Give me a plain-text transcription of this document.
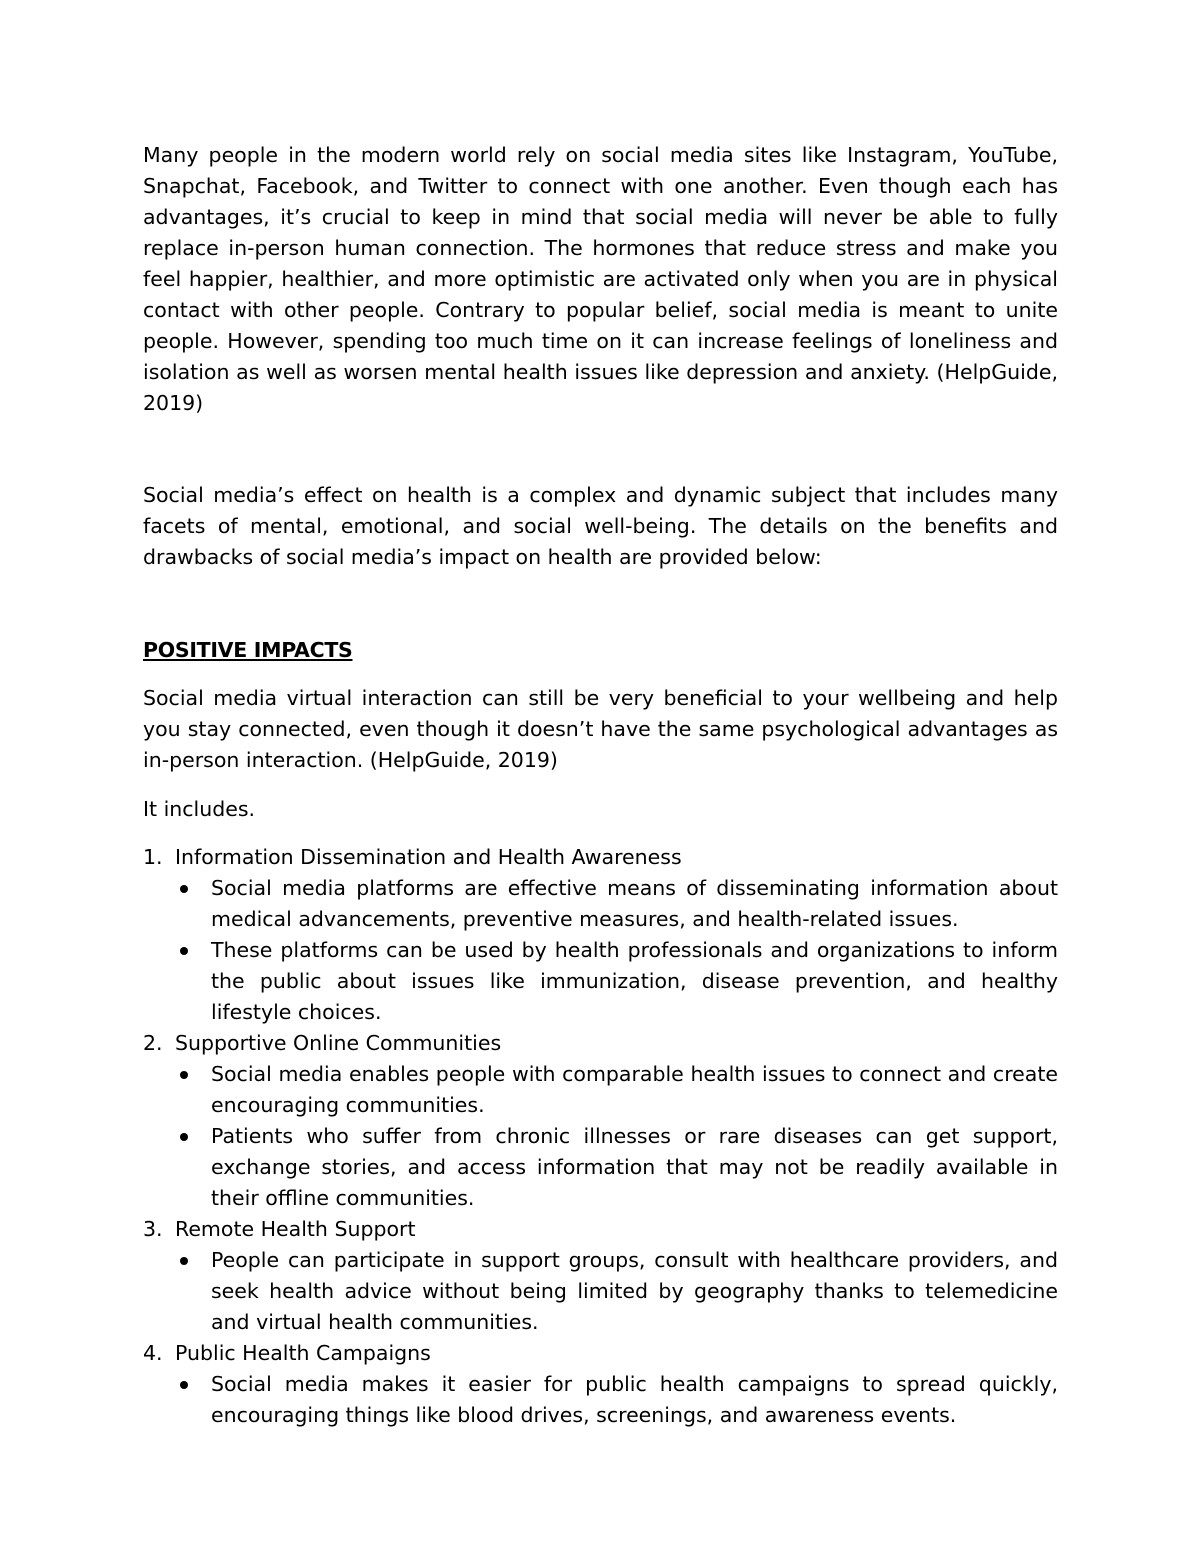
Many people in the modern world rely on social media sites like Instagram, YouTube, Snapchat, Facebook, and Twitter to connect with one another. Even though each has advantages, it’s crucial to keep in mind that social media will never be able to fully replace in-person human connection. The hormones that reduce stress and make you feel happier, healthier, and more optimistic are activated only when you are in physical contact with other people. Contrary to popular belief, social media is meant to unite people. However, spending too much time on it can increase feelings of loneliness and isolation as well as worsen mental health issues like depression and anxiety. (HelpGuide, 2019)

Social media’s effect on health is a complex and dynamic subject that includes many facets of mental, emotional, and social well-being. The details on the benefits and drawbacks of social media’s impact on health are provided below:

POSITIVE IMPACTS

Social media virtual interaction can still be very beneficial to your wellbeing and help you stay connected, even though it doesn’t have the same psychological advantages as in-person interaction. (HelpGuide, 2019)

It includes.

1. Information Dissemination and Health Awareness
Social media platforms are effective means of disseminating information about medical advancements, preventive measures, and health-related issues.
These platforms can be used by health professionals and organizations to inform the public about issues like immunization, disease prevention, and healthy lifestyle choices.
2. Supportive Online Communities
Social media enables people with comparable health issues to connect and create encouraging communities.
Patients who suffer from chronic illnesses or rare diseases can get support, exchange stories, and access information that may not be readily available in their offline communities.
3. Remote Health Support
People can participate in support groups, consult with healthcare providers, and seek health advice without being limited by geography thanks to telemedicine and virtual health communities.
4. Public Health Campaigns
Social media makes it easier for public health campaigns to spread quickly, encouraging things like blood drives, screenings, and awareness events.
